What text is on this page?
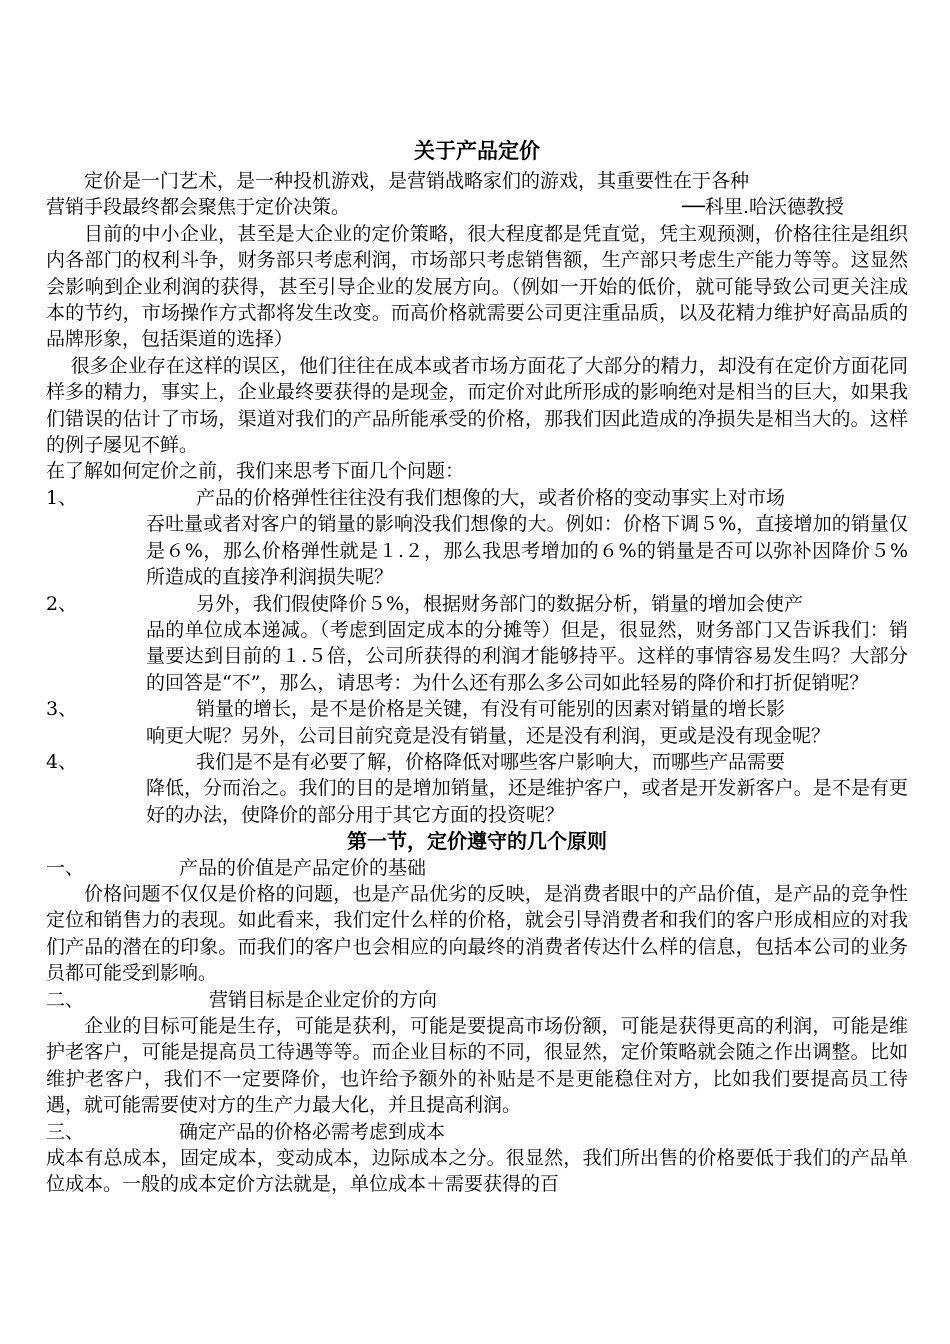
关于产品定价

定价是一门艺术，是一种投机游戏，是营销战略家们的游戏，其重要性在于各种

营销手段最终都会聚焦于定价决策。	──科里.哈沃德教授

目前的中小企业，甚至是大企业的定价策略，很大程度都是凭直觉，凭主观预测，价格往往是组织内各部门的权利斗争，财务部只考虑利润，市场部只考虑销售额，生产部只考虑生产能力等等。这显然会影响到企业利润的获得，甚至引导企业的发展方向。（例如一开始的低价，就可能导致公司更关注成本的节约，市场操作方式都将发生改变。而高价格就需要公司更注重品质，以及花精力维护好高品质的品牌形象，包括渠道的选择）

很多企业存在这样的误区，他们往往在成本或者市场方面花了大部分的精力，却没有在定价方面花同样多的精力，事实上，企业最终要获得的是现金，而定价对此所形成的影响绝对是相当的巨大，如果我们错误的估计了市场，渠道对我们的产品所能承受的价格，那我们因此造成的净损失是相当大的。这样的例子屡见不鲜。

在了解如何定价之前，我们来思考下面几个问题：

1、	产品的价格弹性往往没有我们想像的大，或者价格的变动事实上对市场
吞吐量或者对客户的销量的影响没我们想像的大。例如：价格下调５%，直接增加的销量仅是６%，那么价格弹性就是１.２，那么我思考增加的６%的销量是否可以弥补因降价５%所造成的直接净利润损失呢？
2、	另外，我们假使降价５%，根据财务部门的数据分析，销量的增加会使产
品的单位成本递减。（考虑到固定成本的分摊等）但是，很显然，财务部门又告诉我们：销量要达到目前的１.５倍，公司所获得的利润才能够持平。这样的事情容易发生吗？大部分的回答是“不”，那么，请思考：为什么还有那么多公司如此轻易的降价和打折促销呢？
3、	销量的增长，是不是价格是关键，有没有可能别的因素对销量的增长影
响更大呢？另外，公司目前究竟是没有销量，还是没有利润，更或是没有现金呢？
4、	我们是不是有必要了解，价格降低对哪些客户影响大，而哪些产品需要
降低，分而治之。我们的目的是增加销量，还是维护客户，或者是开发新客户。是不是有更好的办法，使降价的部分用于其它方面的投资呢？

第一节，定价遵守的几个原则

一、	产品的价值是产品定价的基础

价格问题不仅仅是价格的问题，也是产品优劣的反映，是消费者眼中的产品价值，是产品的竞争性定位和销售力的表现。如此看来，我们定什么样的价格，就会引导消费者和我们的客户形成相应的对我们产品的潜在的印象。而我们的客户也会相应的向最终的消费者传达什么样的信息，包括本公司的业务员都可能受到影响。

二、	营销目标是企业定价的方向

企业的目标可能是生存，可能是获利，可能是要提高市场份额，可能是获得更高的利润，可能是维护老客户，可能是提高员工待遇等等。而企业目标的不同，很显然，定价策略就会随之作出调整。比如维护老客户，我们不一定要降价，也许给予额外的补贴是不是更能稳住对方，比如我们要提高员工待遇，就可能需要使对方的生产力最大化，并且提高利润。

三、	确定产品的价格必需考虑到成本

成本有总成本，固定成本，变动成本，边际成本之分。很显然，我们所出售的价格要低于我们的产品单位成本。一般的成本定价方法就是，单位成本＋需要获得的百
